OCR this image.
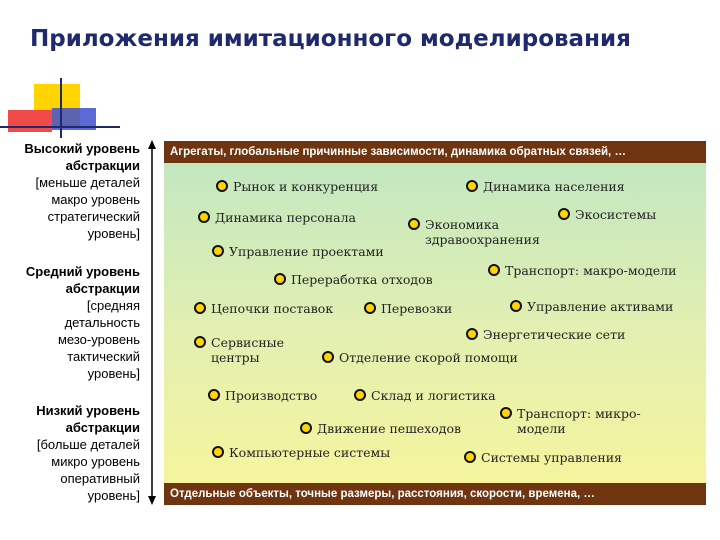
Приложения имитационного моделирования
Высокий уровень
абстракции
[меньше деталей
макро уровень
стратегический
уровень]
Средний уровень
абстракции
[средняя
детальность
мезо-уровень
тактический
уровень]
Низкий уровень
абстракции
[больше деталей
микро уровень
оперативный
уровень]
Агрегаты, глобальные причинные зависимости, динамика обратных связей, …
Рынок и конкуренция	Динамика населения
Динамика персонала	Экономика
здравоохранения
Экосистемы
Управление проектами
Переработка отходов
Транспорт: макро-модели
Цепочки поставок	Перевозки	Управление активами
Энергетические сети
Сервисные
центры	Отделение скорой помощи
Производство	Склад и логистика
Транспорт: микро-
модели
Движение пешеходов
Компьютерные системы	Системы управления
Отдельные объекты, точные размеры, расстояния, скорости, времена, …
